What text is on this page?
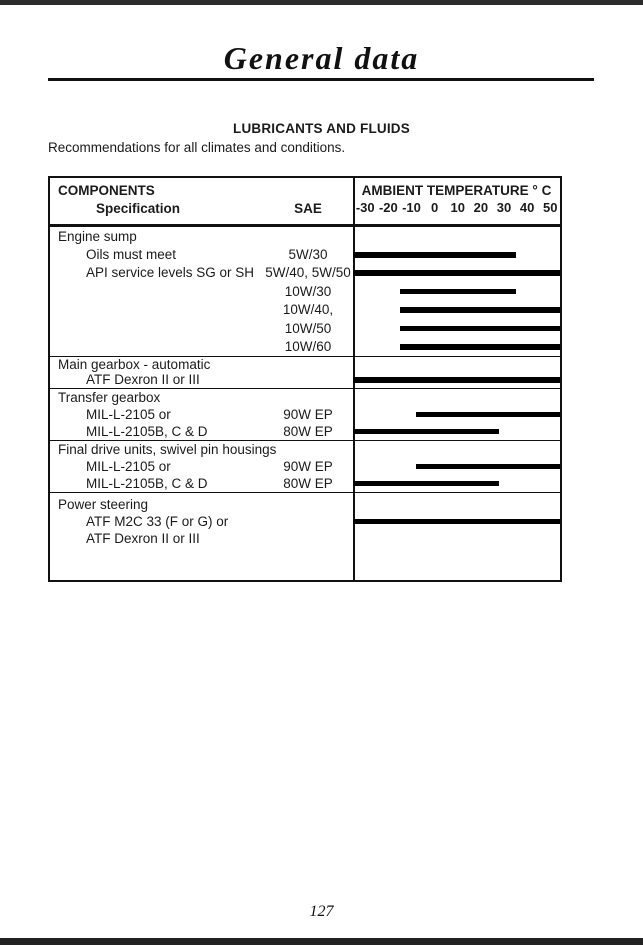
General data
LUBRICANTS AND FLUIDS
Recommendations for all climates and conditions.
COMPONENTS
Specification	SAE
AMBIENT TEMPERATURE ° C
-30 -20 -10 0 10 20 30 40 50
Engine sump
Oils must meet	5W/30
API service levels SG or SH 5W/40, 5W/50
10W/30
10W/40,
10W/50
10W/60
Main gearbox - automatic
ATF Dexron II or III
Transfer gearbox
MIL-L-2105 or	90W EP
MIL-L-2105B, C & D	80W EP
Final drive units, swivel pin housings
MIL-L-2105 or	90W EP
MIL-L-2105B, C & D	80W EP
Power steering
ATF M2C 33 (F or G) or
ATF Dexron II or III
127
